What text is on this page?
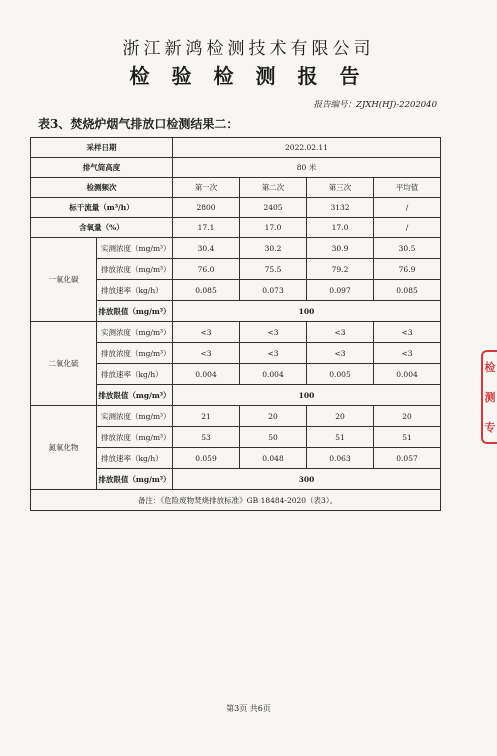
浙江新鸿检测技术有限公司
检验检测报告
报告编号：ZJXH(HJ)-2202040
表3、焚烧炉烟气排放口检测结果二：
采样日期		2022.02.11			
排气筒高度		80 米			
检测频次		第一次	第二次	第三次	平均值
标干流量（m³/h）		2800	2405	3132	/
含氧量（%）		17.1	17.0	17.0	/
一氧化碳	实测浓度（mg/m³）	30.4	30.2	30.9	30.5
	排放浓度（mg/m³）	76.0	75.5	79.2	76.9
	排放速率（kg/h）	0.085	0.073	0.097	0.085
	排放限值（mg/m³）	100			
二氧化硫	实测浓度（mg/m³）	<3	<3	<3	<3
	排放浓度（mg/m³）	<3	<3	<3	<3
	排放速率（kg/h）	0.004	0.004	0.005	0.004
	排放限值（mg/m³）	100			
氮氧化物	实测浓度（mg/m³）	21	20	20	20
	排放浓度（mg/m³）	53	50	51	51
	排放速率（kg/h）	0.059	0.048	0.063	0.057
	排放限值（mg/m³）	300			
备注：《危险废物焚烧排放标准》GB 18484-2020（表3）。					
第3页 共6页
检
测
专
